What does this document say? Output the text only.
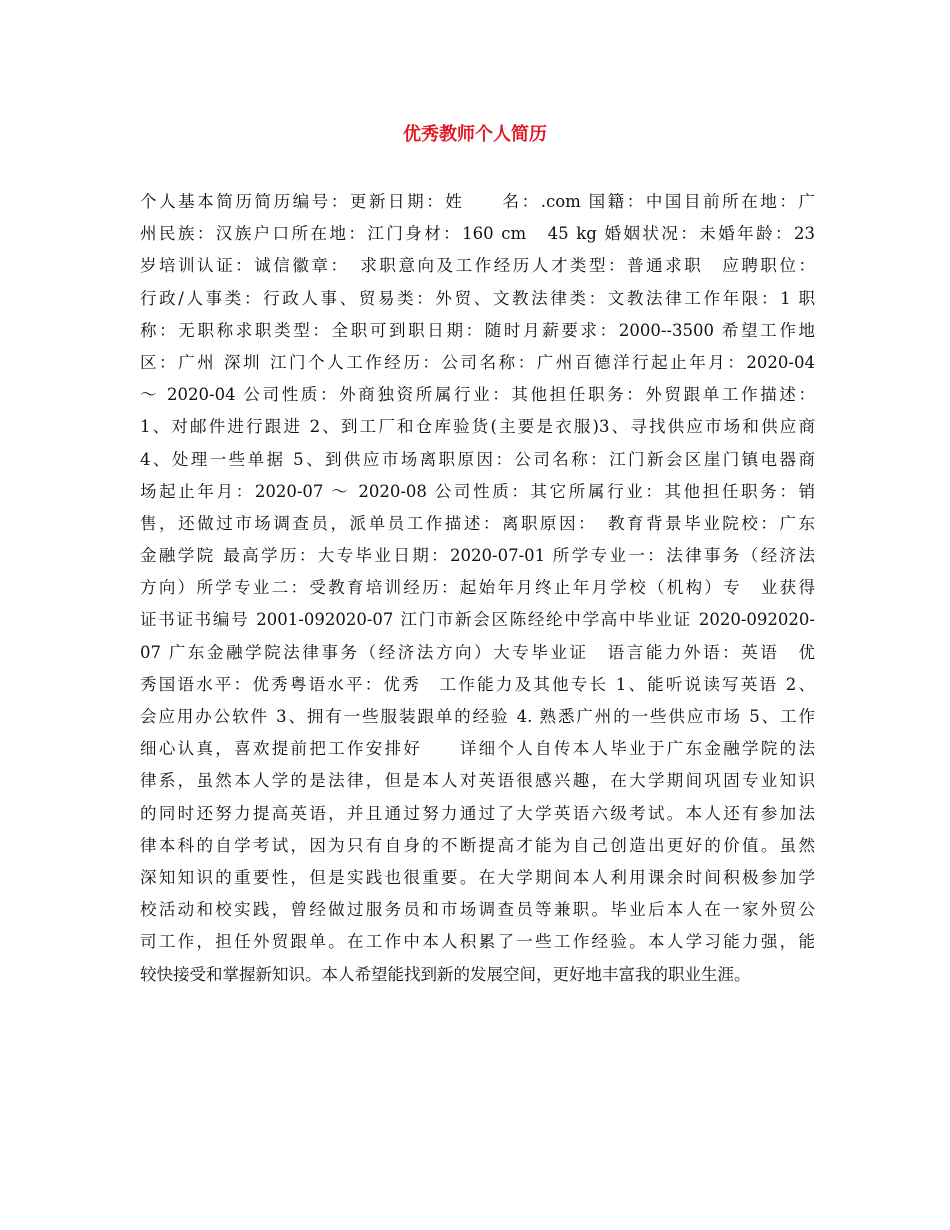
优秀教师个人简历
个人基本简历简历编号：更新日期：姓　　名：.com 国籍：中国目前所在地：广
州民族：汉族户口所在地：江门身材：160 cm　45 kg 婚姻状况：未婚年龄：23
岁培训认证：诚信徽章：　求职意向及工作经历人才类型：普通求职　应聘职位：
行政/人事类：行政人事、贸易类：外贸、文教法律类：文教法律工作年限：1 职
称：无职称求职类型：全职可到职日期：随时月薪要求：2000--3500 希望工作地
区：广州 深圳 江门个人工作经历：公司名称：广州百德洋行起止年月：2020-04
～ 2020-04 公司性质：外商独资所属行业：其他担任职务：外贸跟单工作描述：
1、对邮件进行跟进 2、到工厂和仓库验货(主要是衣服)3、寻找供应市场和供应商
4、处理一些单据 5、到供应市场离职原因：公司名称：江门新会区崖门镇电器商
场起止年月：2020-07 ～ 2020-08 公司性质：其它所属行业：其他担任职务：销
售，还做过市场调查员，派单员工作描述：离职原因：　教育背景毕业院校：广东
金融学院 最高学历：大专毕业日期：2020-07-01 所学专业一：法律事务（经济法
方向）所学专业二：受教育培训经历：起始年月终止年月学校（机构）专　业获得
证书证书编号 2001-092020-07 江门市新会区陈经纶中学高中毕业证 2020-092020-
07 广东金融学院法律事务（经济法方向）大专毕业证　语言能力外语：英语　优
秀国语水平：优秀粤语水平：优秀　工作能力及其他专长 1、能听说读写英语 2、
会应用办公软件 3、拥有一些服装跟单的经验 4. 熟悉广州的一些供应市场 5、工作
细心认真，喜欢提前把工作安排好　　详细个人自传本人毕业于广东金融学院的法
律系，虽然本人学的是法律，但是本人对英语很感兴趣，在大学期间巩固专业知识
的同时还努力提高英语，并且通过努力通过了大学英语六级考试。本人还有参加法
律本科的自学考试，因为只有自身的不断提高才能为自己创造出更好的价值。虽然
深知知识的重要性，但是实践也很重要。在大学期间本人利用课余时间积极参加学
校活动和校实践，曾经做过服务员和市场调查员等兼职。毕业后本人在一家外贸公
司工作，担任外贸跟单。在工作中本人积累了一些工作经验。本人学习能力强，能
较快接受和掌握新知识。本人希望能找到新的发展空间，更好地丰富我的职业生涯。
